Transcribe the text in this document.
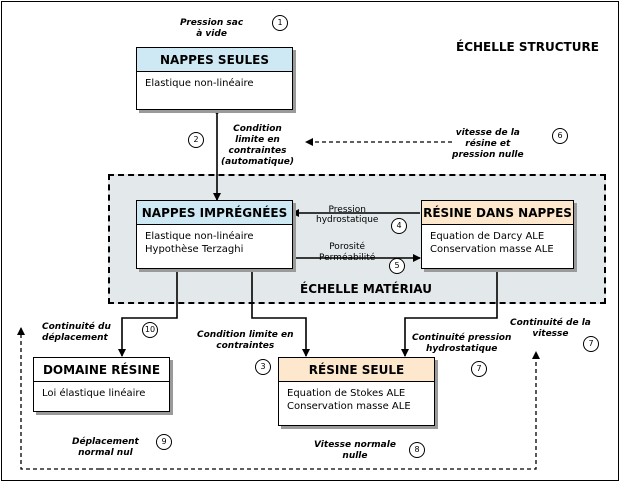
NAPPES SEULES
Elastique non-linéaire
NAPPES IMPRÉGNÉES
Elastique non-linéaire
Hypothèse Terzaghi
RÉSINE DANS NAPPES
Equation de Darcy ALE
Conservation masse ALE
DOMAINE RÉSINE
Loi élastique linéaire
RÉSINE SEULE
Equation de Stokes ALE
Conservation masse ALE
ÉCHELLE STRUCTURE
ÉCHELLE MATÉRIAU
Pression sac
à vide
Condition
limite en
contraintes
(automatique)
vitesse de la
résine et
pression nulle
Pression
hydrostatique
Porosité
Perméabilité
Continuité du
déplacement	Condition limite en
contraintes
Continuité pression
hydrostatique
Continuité de la
vitesse
Déplacement
normal nul
Vitesse normale
nulle
1
2	6
4
5
10
3	7
7
9
8
